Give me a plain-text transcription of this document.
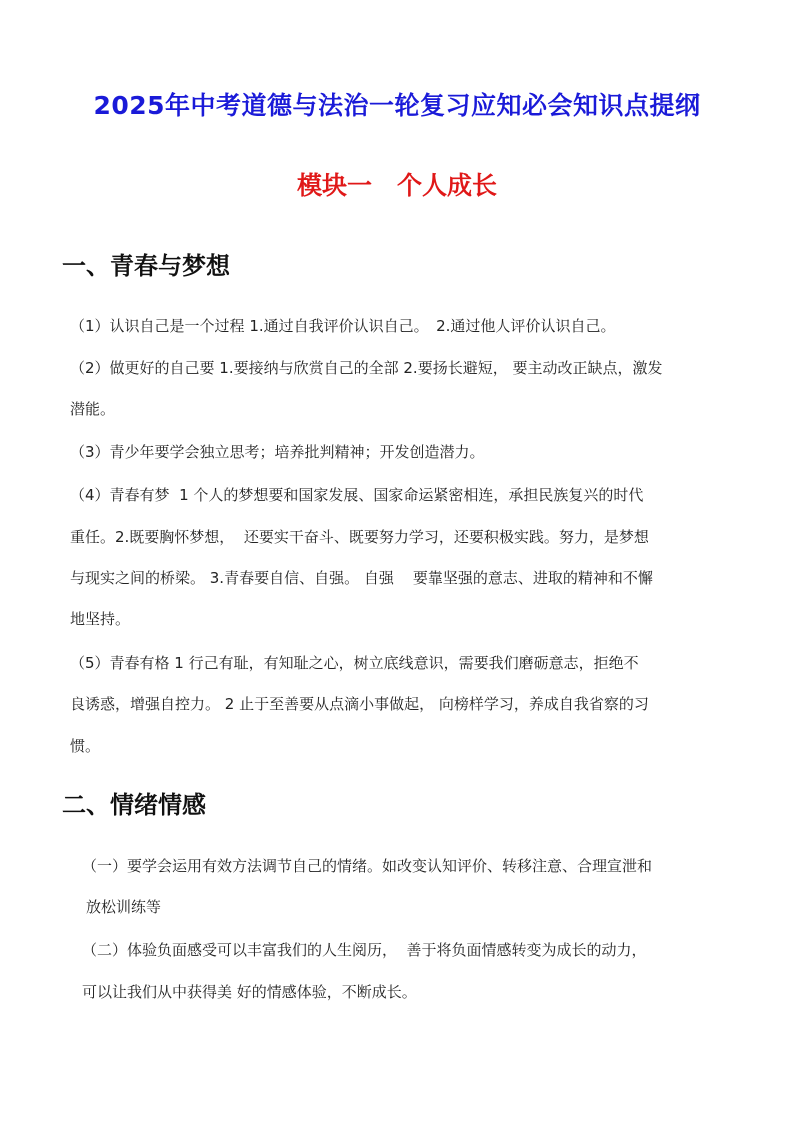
2025年中考道德与法治一轮复习应知必会知识点提纲
模块一　个人成长
一、青春与梦想

（1）认识自己是一个过程 1.通过自我评价认识自己。　2.通过他人评价认识自己。

（2）做更好的自己要 1.要接纳与欣赏自己的全部 2.要扬长避短， 要主动改正缺点，激发

潜能。

（3）青少年要学会独立思考；培养批判精神；开发创造潜力。

（4）青春有梦  1 个人的梦想要和国家发展、国家命运紧密相连，承担民族复兴的时代

重任。2.既要胸怀梦想，  还要实干奋斗、既要努力学习，还要积极实践。努力，是梦想

与现实之间的桥梁。 3.青春要自信、自强。 自强    要靠坚强的意志、进取的精神和不懈

地坚持。

（5）青春有格 1 行己有耻，有知耻之心，树立底线意识，需要我们磨砺意志，拒绝不

良诱惑，增强自控力。 2 止于至善要从点滴小事做起， 向榜样学习，养成自我省察的习

惯。

二、情绪情感

（一）要学会运用有效方法调节自己的情绪。如改变认知评价、转移注意、合理宣泄和

放松训练等

（二）体验负面感受可以丰富我们的人生阅历，  善于将负面情感转变为成长的动力，

可以让我们从中获得美 好的情感体验，不断成长。
